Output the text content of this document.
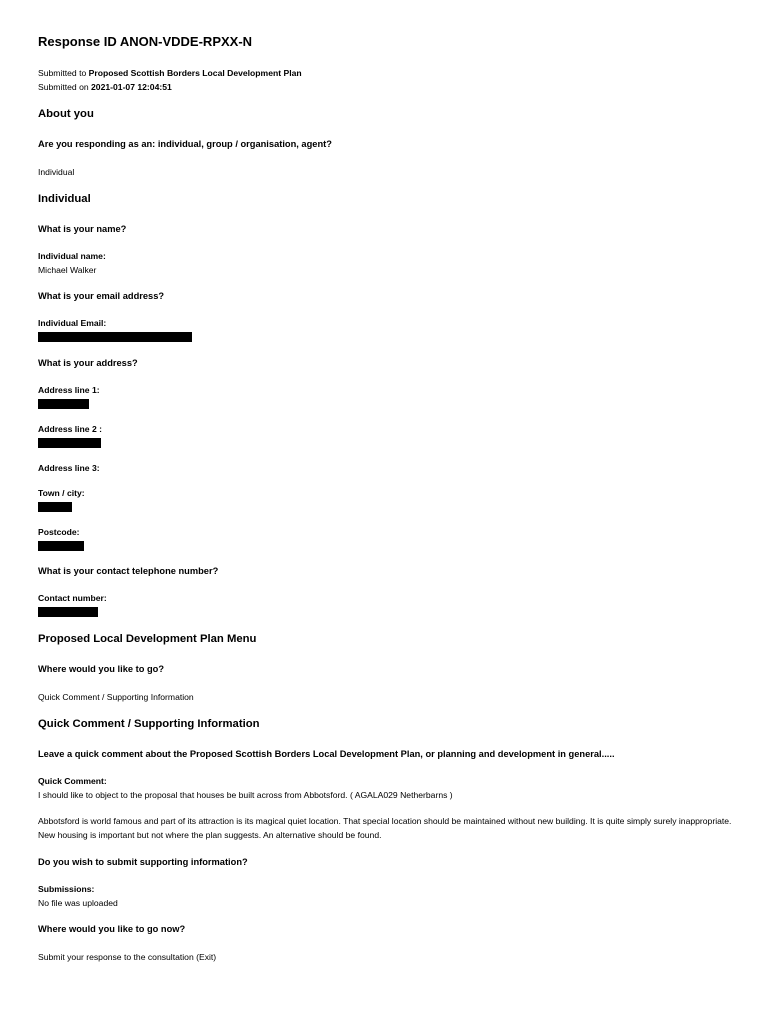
Response ID ANON-VDDE-RPXX-N
Submitted to Proposed Scottish Borders Local Development Plan
Submitted on 2021-01-07 12:04:51
About you
Are you responding as an: individual, group / organisation, agent?
Individual
Individual
What is your name?
Individual name:
Michael Walker
What is your email address?
Individual Email:
What is your address?
Address line 1:
Address line 2 :
Address line 3:
Town / city:
Postcode:
What is your contact telephone number?
Contact number:
Proposed Local Development Plan Menu
Where would you like to go?
Quick Comment / Supporting Information
Quick Comment / Supporting Information
Leave a quick comment about the Proposed Scottish Borders Local Development Plan, or planning and development in general.....
Quick Comment:
I should like to object to the proposal that houses be built across from Abbotsford. ( AGALA029 Netherbarns )
Abbotsford is world famous and part of its attraction is its magical quiet location. That special location should be maintained without new building. It is quite simply surely inappropriate. New housing is important but not where the plan suggests. An alternative should be found.
Do you wish to submit supporting information?
Submissions:
No file was uploaded
Where would you like to go now?
Submit your response to the consultation (Exit)
